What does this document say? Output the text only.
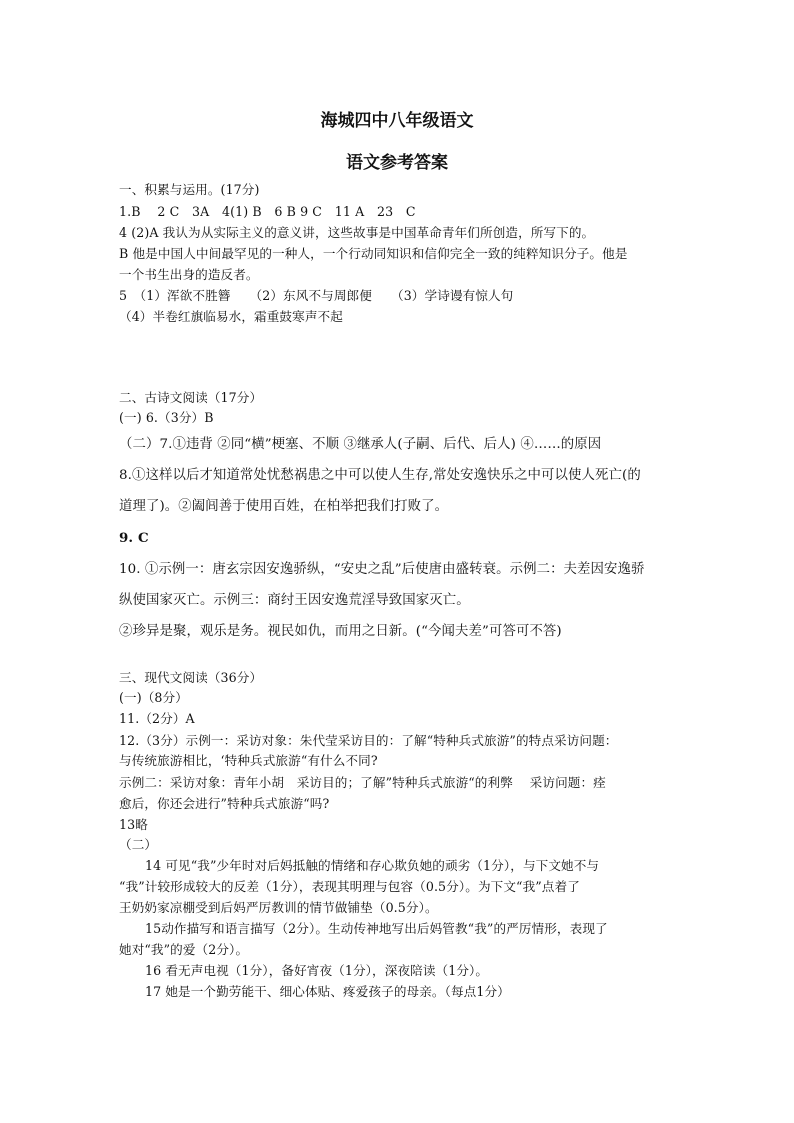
海城四中八年级语文
语文参考答案
一、积累与运用。(17分)
1.B　 2 C　3A　4(1) B　6 B 9 C　11 A　23　C
4 (2)A 我认为从实际主义的意义讲，这些故事是中国革命青年们所创造，所写下的。
B 他是中国人中间最罕见的一种人，一个行动同知识和信仰完全一致的纯粹知识分子。他是
一个书生出身的造反者。
5　（1）浑欲不胜簪　　（2）东风不与周郎便　　（3）学诗谩有惊人句
（4）半卷红旗临易水，霜重鼓寒声不起
二、古诗文阅读（17分）
(一) 6.（3分）B
（二）7.①违背 ②同“横”梗塞、不顺 ③继承人(子嗣、后代、后人) ④……的原因
8.①这样以后才知道常处忧愁祸患之中可以使人生存,常处安逸快乐之中可以使人死亡(的
道理了)。②阖闾善于使用百姓，在柏举把我们打败了。
9. C
10. ①示例一：唐玄宗因安逸骄纵，“安史之乱”后使唐由盛转衰。示例二：夫差因安逸骄
纵使国家灭亡。示例三：商纣王因安逸荒淫导致国家灭亡。
②珍异是聚，观乐是务。视民如仇，而用之日新。(“今闻夫差”可答可不答)
三、现代文阅读（36分）
(一)（8分）
11.（2分）A
12.（3分）示例一：采访对象：朱代莹采访目的：了解“特种兵式旅游”的特点采访问题：
与传统旅游相比，‘特种兵式旅游“有什么不同?
示例二：采访对象：青年小胡　采访目的；了解”特种兵式旅游“的利弊　 采访问题：痊
愈后，你还会进行”特种兵式旅游“吗?
13略
（二）
14 可见“我”少年时对后妈抵触的情绪和存心欺负她的顽劣（1分），与下文她不与
“我”计较形成较大的反差（1分），表现其明理与包容（0.5分）。为下文“我”点着了
王奶奶家凉棚受到后妈严厉教训的情节做铺垫（0.5分）。
15动作描写和语言描写（2分）。生动传神地写出后妈管教“我”的严厉情形，表现了
她对“我”的爱（2分）。
16 看无声电视（1分），备好宵夜（1分），深夜陪读（1分）。
17 她是一个勤劳能干、细心体贴、疼爱孩子的母亲。（每点1分）
